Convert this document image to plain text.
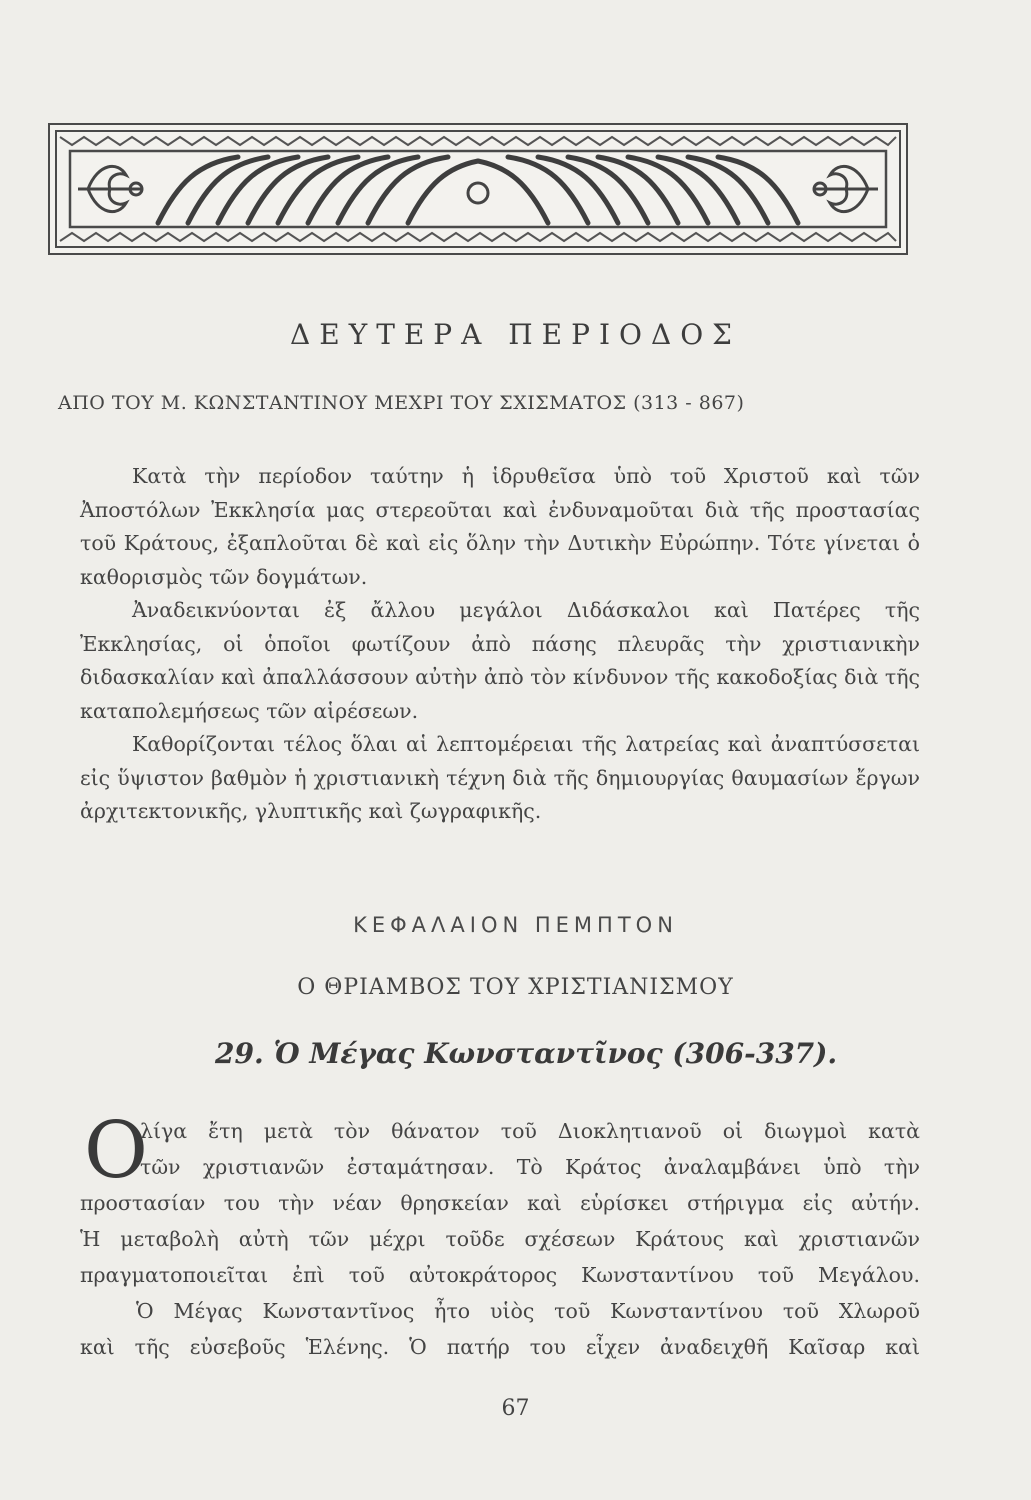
ΔΕΥΤΕΡΑ ΠΕΡΙΟΔΟΣ
ΑΠΟ ΤΟΥ Μ. ΚΩΝΣΤΑΝΤΙΝΟΥ ΜΕΧΡΙ ΤΟΥ ΣΧΙΣΜΑΤΟΣ (313 - 867)

Κατὰ τὴν περίοδον ταύτην ἡ ἱδρυθεῖσα ὑπὸ τοῦ Χριστοῦ καὶ τῶν Ἀποστόλων Ἐκκλησία μας στερεοῦται καὶ ἐνδυναμοῦται διὰ τῆς προστασίας τοῦ Κράτους, ἐξαπλοῦται δὲ καὶ εἰς ὅλην τὴν Δυτικὴν Εὐρώπην. Τότε γίνεται ὁ καθορισμὸς τῶν δογμάτων.

Ἀναδεικνύονται ἐξ ἄλλου μεγάλοι Διδάσκαλοι καὶ Πατέρες τῆς Ἐκκλησίας, οἱ ὁποῖοι φωτίζουν ἀπὸ πάσης πλευρᾶς τὴν χριστιανικὴν διδασκαλίαν καὶ ἀπαλλάσσουν αὐτὴν ἀπὸ τὸν κίνδυνον τῆς κακοδοξίας διὰ τῆς καταπολεμήσεως τῶν αἱρέσεων.

Καθορίζονται τέλος ὅλαι αἱ λεπτομέρειαι τῆς λατρείας καὶ ἀναπτύσσεται εἰς ὕψιστον βαθμὸν ἡ χριστιανικὴ τέχνη διὰ τῆς δημιουργίας θαυμασίων ἔργων ἀρχιτεκτονικῆς, γλυπτικῆς καὶ ζωγραφικῆς.

ΚΕΦΑΛΑΙΟΝ ΠΕΜΠΤΟΝ
Ο ΘΡΙΑΜΒΟΣ ΤΟΥ ΧΡΙΣΤΙΑΝΙΣΜΟΥ
29. Ὁ Μέγας Κωνσταντῖνος (306-337).
Ο
λίγα ἔτη μετὰ τὸν θάνατον τοῦ Διοκλητιανοῦ οἱ διωγμοὶ κατὰ
τῶν χριστιανῶν ἐσταμάτησαν. Τὸ Κράτος ἀναλαμβάνει ὑπὸ τὴν
προστασίαν του τὴν νέαν θρησκείαν καὶ εὑρίσκει στήριγμα εἰς αὐτήν.
Ἡ μεταβολὴ αὐτὴ τῶν μέχρι τοῦδε σχέσεων Κράτους καὶ χριστιανῶν
πραγματοποιεῖται ἐπὶ τοῦ αὐτοκράτορος Κωνσταντίνου τοῦ Μεγάλου.
Ὁ Μέγας Κωνσταντῖνος ἦτο υἱὸς τοῦ Κωνσταντίνου τοῦ Χλωροῦ
καὶ τῆς εὐσεβοῦς Ἑλένης. Ὁ πατήρ του εἶχεν ἀναδειχθῆ Καῖσαρ καὶ
67
